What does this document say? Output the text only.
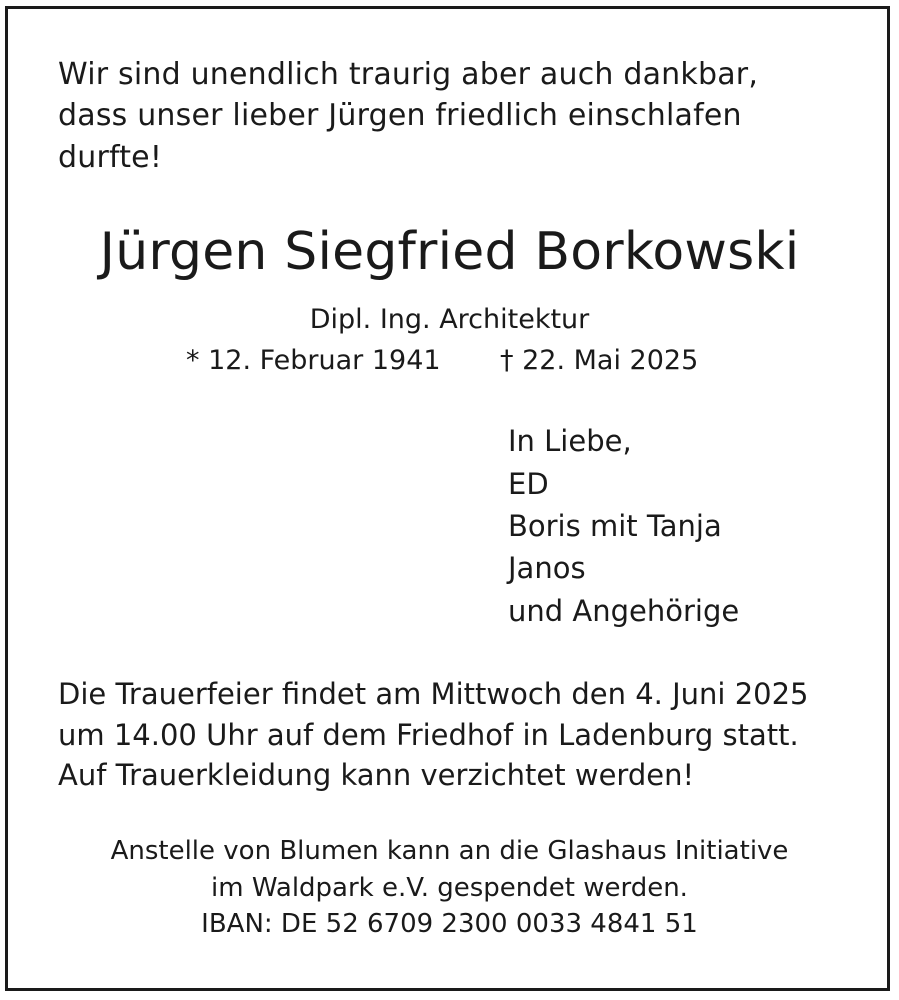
Wir sind unendlich traurig aber auch dankbar,
dass unser lieber Jürgen friedlich einschlafen
durfte!
Jürgen Siegfried Borkowski
Dipl. Ing. Architektur
* 12. Februar 1941 † 22. Mai 2025
In Liebe,
ED
Boris mit Tanja
Janos
und Angehörige
Die Trauerfeier findet am Mittwoch den 4. Juni 2025
um 14.00 Uhr auf dem Friedhof in Ladenburg statt.
Auf Trauerkleidung kann verzichtet werden!
Anstelle von Blumen kann an die Glashaus Initiative
im Waldpark e.V. gespendet werden.
IBAN: DE 52 6709 2300 0033 4841 51
